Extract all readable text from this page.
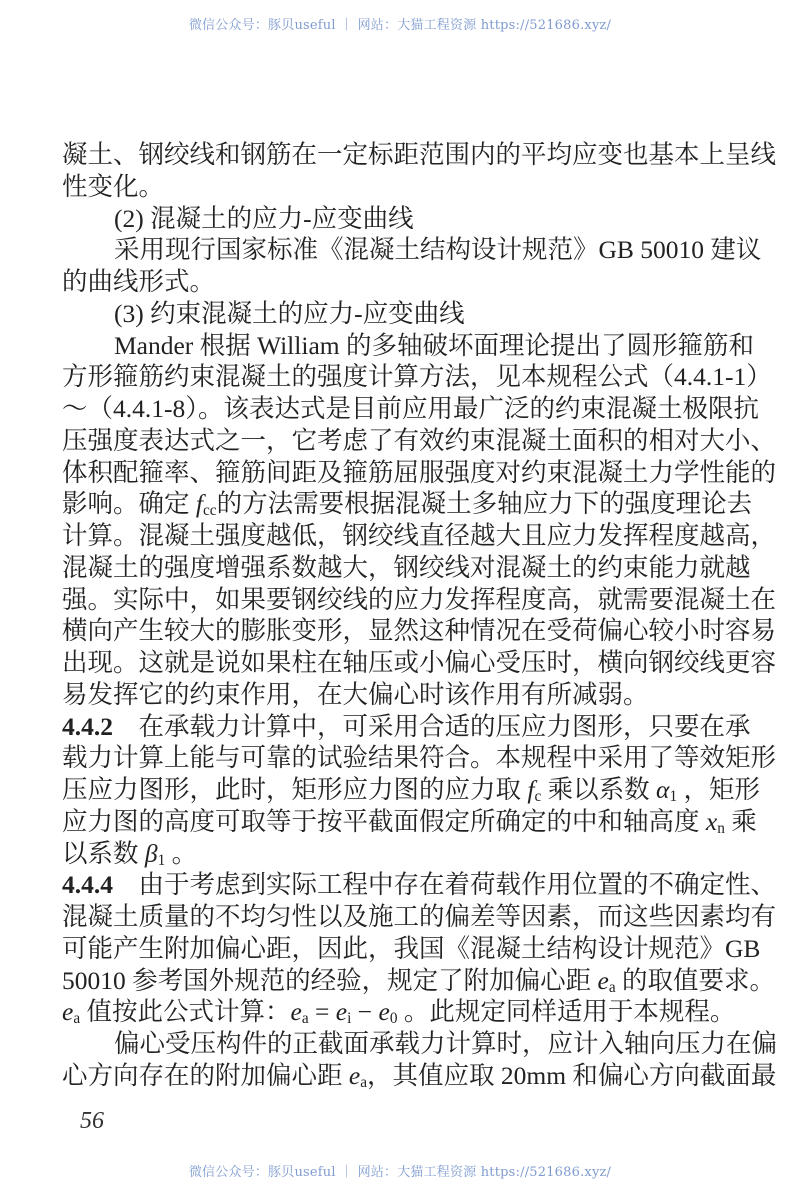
微信公众号：豚贝useful ｜ 网站：大猫工程资源 https://521686.xyz/
凝土、钢绞线和钢筋在一定标距范围内的平均应变也基本上呈线
性变化。
(2) 混凝土的应力-应变曲线
采用现行国家标准《混凝土结构设计规范》GB 50010 建议
的曲线形式。
(3) 约束混凝土的应力-应变曲线
Mander 根据 William 的多轴破坏面理论提出了圆形箍筋和
方形箍筋约束混凝土的强度计算方法，见本规程公式（4.4.1-1）
～（4.4.1-8）。该表达式是目前应用最广泛的约束混凝土极限抗
压强度表达式之一，它考虑了有效约束混凝土面积的相对大小、
体积配箍率、箍筋间距及箍筋屈服强度对约束混凝土力学性能的
影响。确定 $f_{cc}$的方法需要根据混凝土多轴应力下的强度理论去
计算。混凝土强度越低，钢绞线直径越大且应力发挥程度越高，
混凝土的强度增强系数越大，钢绞线对混凝土的约束能力就越
强。实际中，如果要钢绞线的应力发挥程度高，就需要混凝土在
横向产生较大的膨胀变形，显然这种情况在受荷偏心较小时容易
出现。这就是说如果柱在轴压或小偏心受压时，横向钢绞线更容
易发挥它的约束作用，在大偏心时该作用有所减弱。
4.4.2　在承载力计算中，可采用合适的压应力图形，只要在承
载力计算上能与可靠的试验结果符合。本规程中采用了等效矩形
压应力图形，此时，矩形应力图的应力取 $f_c$ 乘以系数 $\alpha_1$ ，矩形
应力图的高度可取等于按平截面假定所确定的中和轴高度 $x_n$ 乘
以系数 $\beta_1$ 。
4.4.4　由于考虑到实际工程中存在着荷载作用位置的不确定性、
混凝土质量的不均匀性以及施工的偏差等因素，而这些因素均有
可能产生附加偏心距，因此，我国《混凝土结构设计规范》GB
50010 参考国外规范的经验，规定了附加偏心距 $e_a$ 的取值要求。
$e_a$ 值按此公式计算：$e_a = e_i - e_0$ 。此规定同样适用于本规程。
偏心受压构件的正截面承载力计算时，应计入轴向压力在偏
心方向存在的附加偏心距 $e_a$，其值应取 20mm 和偏心方向截面最
56
微信公众号：豚贝useful ｜ 网站：大猫工程资源 https://521686.xyz/
